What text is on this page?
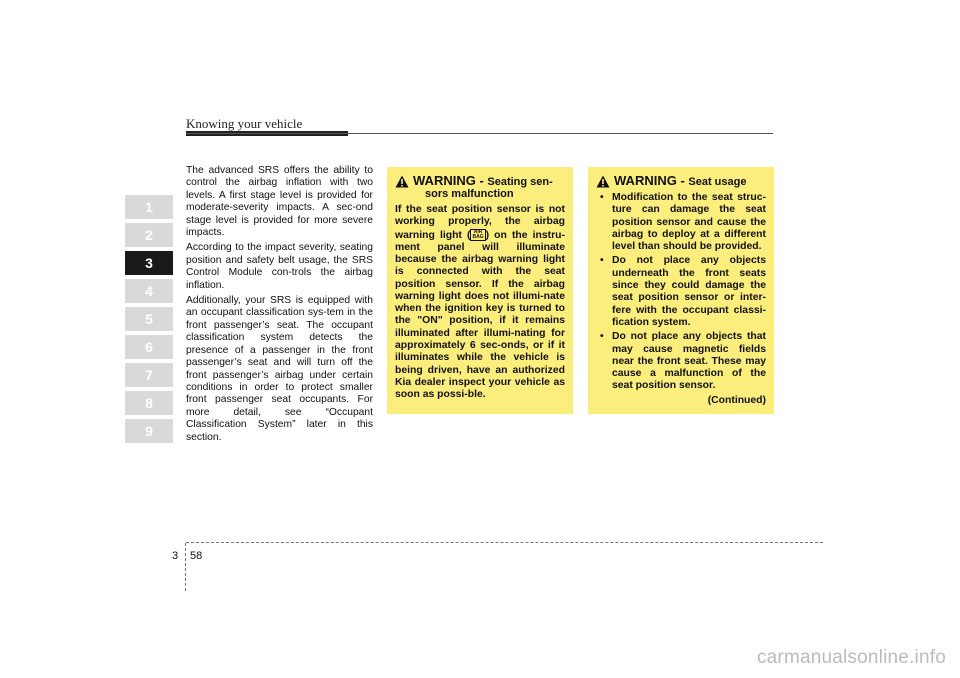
Knowing your vehicle
1
2
3
4
5
6
7
8
9

The advanced SRS offers the ability to control the airbag inflation with two levels. A first stage level is provided for moderate-severity impacts. A sec-ond stage level is provided for more severe impacts.

According to the impact severity, seating position and safety belt usage, the SRS Control Module con-trols the airbag inflation.

Additionally, your SRS is equipped with an occupant classification sys-tem in the front passenger’s seat. The occupant classification system detects the presence of a passenger in the front passenger’s seat and will turn off the front passenger’s airbag under certain conditions in order to protect smaller front passenger seat occupants. For more detail, see “Occupant Classification System” later in this section.

WARNING - Seating sen-
sors malfunction
If the seat position sensor is not working properly, the airbag warning light ( AIR
BAG ) on the instru-ment panel will illuminate because the airbag warning light is connected with the seat position sensor. If the airbag warning light does not illumi-nate when the ignition key is turned to the "ON" position, if it remains illuminated after illumi-nating for approximately 6 sec-onds, or if it illuminates while the vehicle is being driven, have an authorized Kia dealer inspect your vehicle as soon as possi-ble.
WARNING - Seat usage
• Modification to the seat struc-ture can damage the seat position sensor and cause the airbag to deploy at a different level than should be provided.
• Do not place any objects underneath the front seats since they could damage the seat position sensor or inter-fere with the occupant classi-fication system.
• Do not place any objects that may cause magnetic fields near the front seat. These may cause a malfunction of the seat position sensor.
(Continued)
3 58
carmanualsonline.info
